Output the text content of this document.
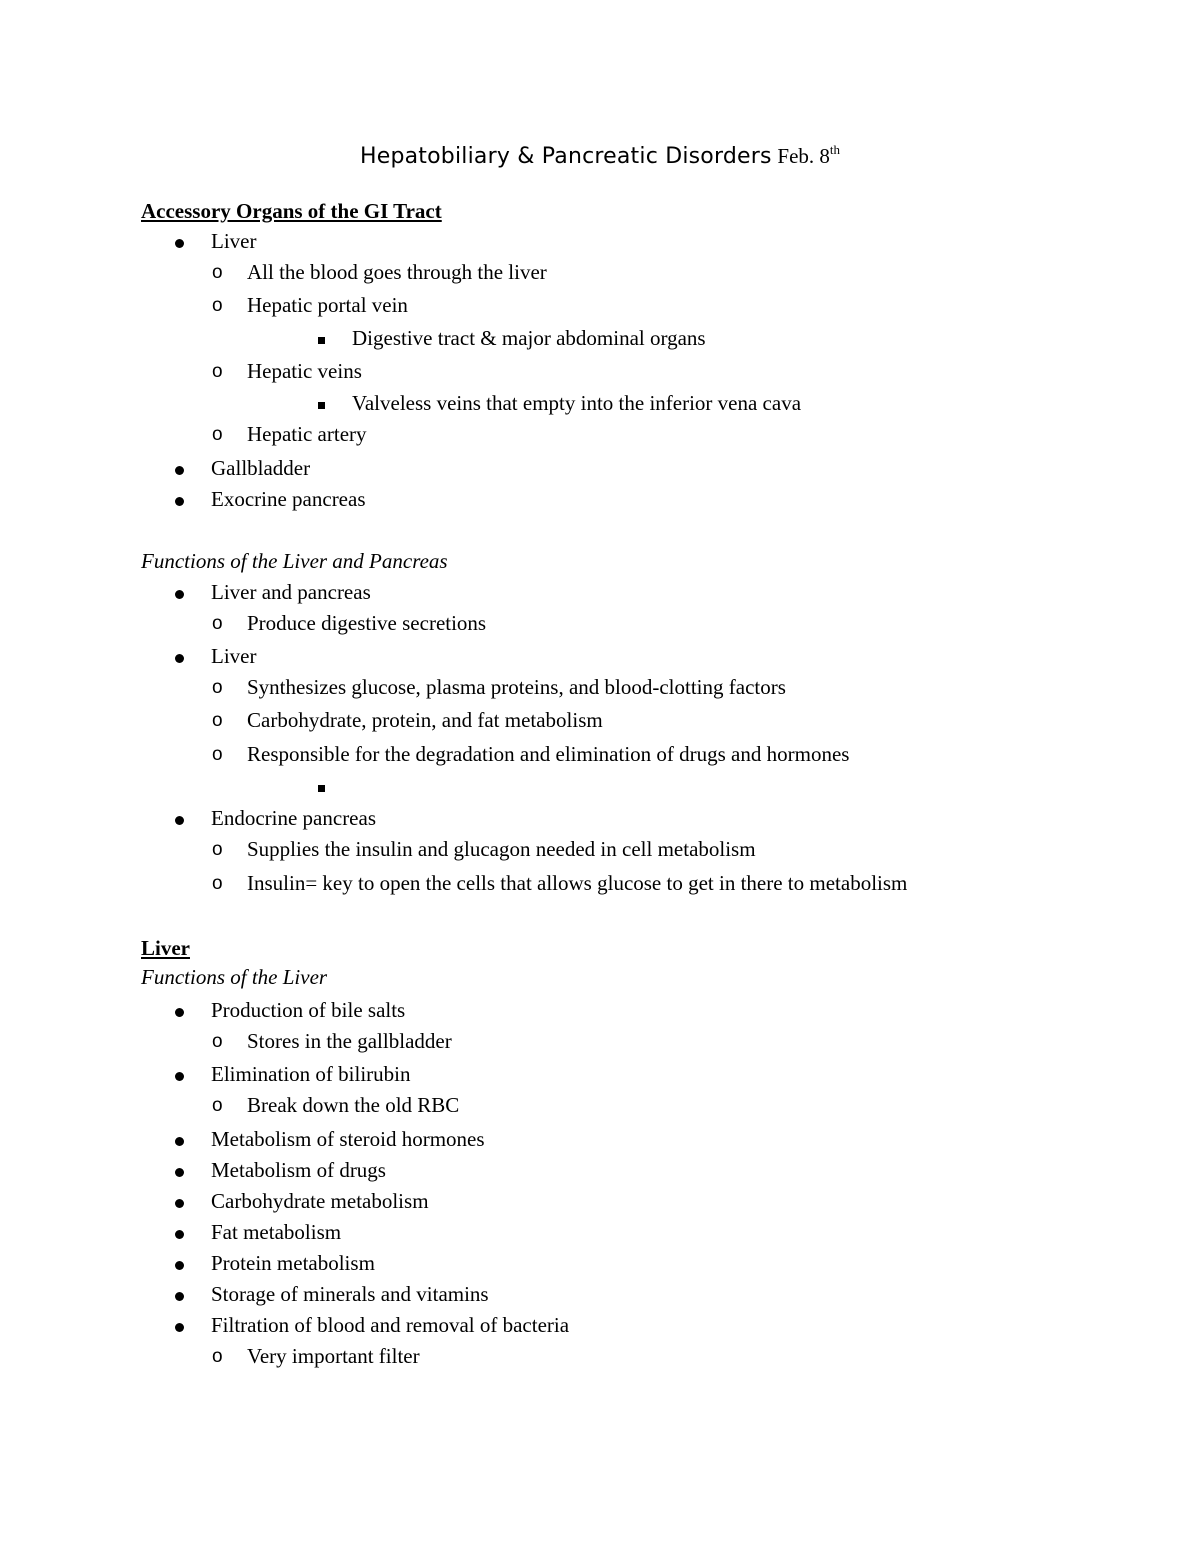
Hepatobiliary & Pancreatic Disorders Feb. 8th
Accessory Organs of the GI Tract
Liver
o All the blood goes through the liver
o Hepatic portal vein
Digestive tract & major abdominal organs
o Hepatic veins
Valveless veins that empty into the inferior vena cava
o Hepatic artery
Gallbladder
Exocrine pancreas
Functions of the Liver and Pancreas
Liver and pancreas
o Produce digestive secretions
Liver
o Synthesizes glucose, plasma proteins, and blood-clotting factors
o Carbohydrate, protein, and fat metabolism
o Responsible for the degradation and elimination of drugs and hormones
Endocrine pancreas
o Supplies the insulin and glucagon needed in cell metabolism
o Insulin= key to open the cells that allows glucose to get in there to metabolism
Liver
Functions of the Liver
Production of bile salts
o Stores in the gallbladder
Elimination of bilirubin
o Break down the old RBC
Metabolism of steroid hormones
Metabolism of drugs
Carbohydrate metabolism
Fat metabolism
Protein metabolism
Storage of minerals and vitamins
Filtration of blood and removal of bacteria
o Very important filter
